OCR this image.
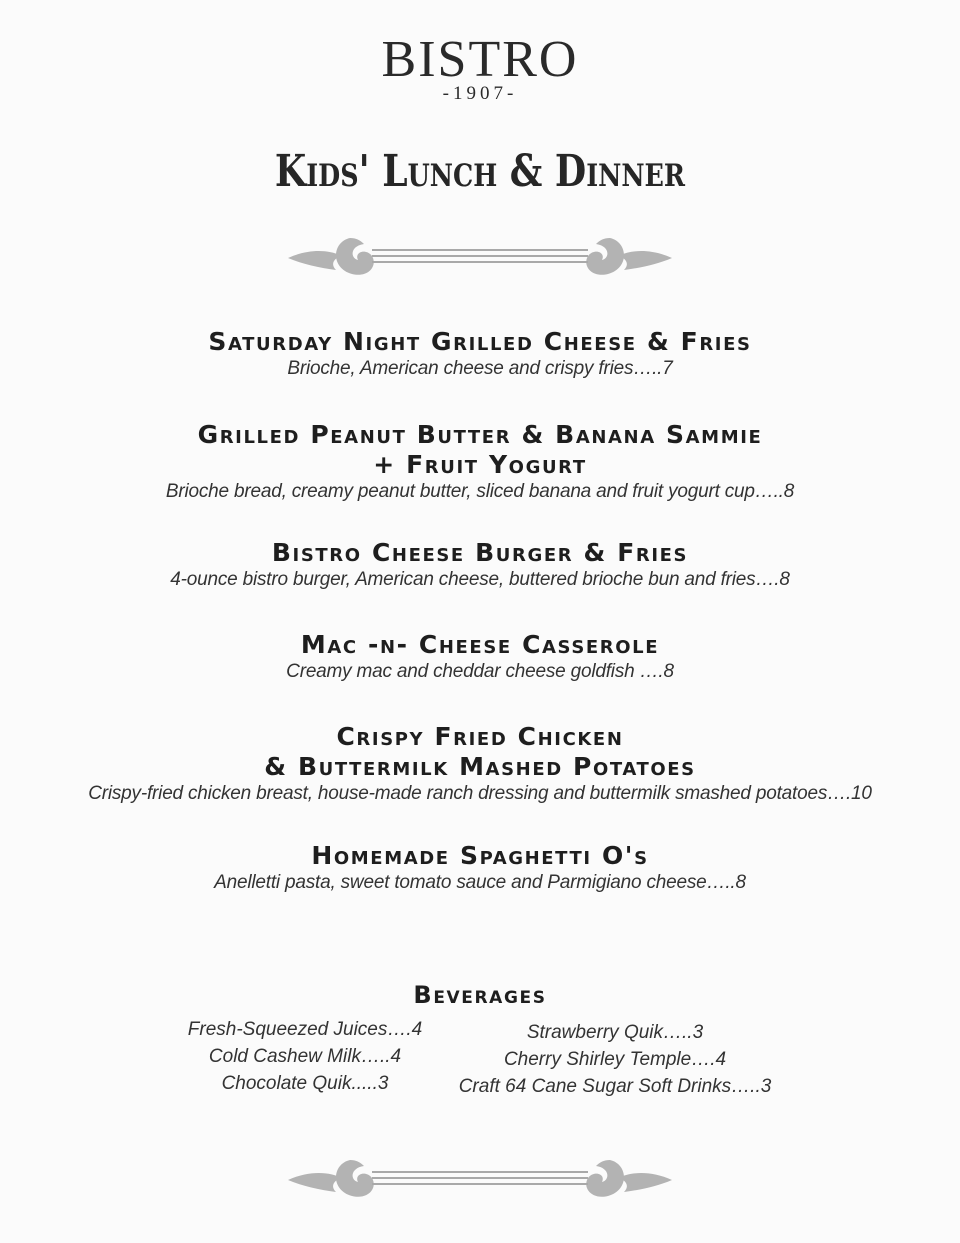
BISTRO
-1907-
Kids' Lunch & Dinner
Saturday Night Grilled Cheese & Fries
Brioche, American cheese and crispy fries…..7
Grilled Peanut Butter & Banana Sammie
+ Fruit Yogurt
Brioche bread, creamy peanut butter, sliced banana and fruit yogurt cup…..8
Bistro Cheese Burger & Fries
4-ounce bistro burger, American cheese, buttered brioche bun and fries….8
Mac -n- Cheese Casserole
Creamy mac and cheddar cheese goldfish ….8
Crispy Fried Chicken
& Buttermilk Mashed Potatoes
Crispy-fried chicken breast, house-made ranch dressing and buttermilk smashed potatoes….10
Homemade Spaghetti O's
Anelletti pasta, sweet tomato sauce and Parmigiano cheese…..8
Beverages
Fresh-Squeezed Juices….4
Cold Cashew Milk…..4
Chocolate Quik.....3
Strawberry Quik…..3
Cherry Shirley Temple….4
Craft 64 Cane Sugar Soft Drinks…..3
